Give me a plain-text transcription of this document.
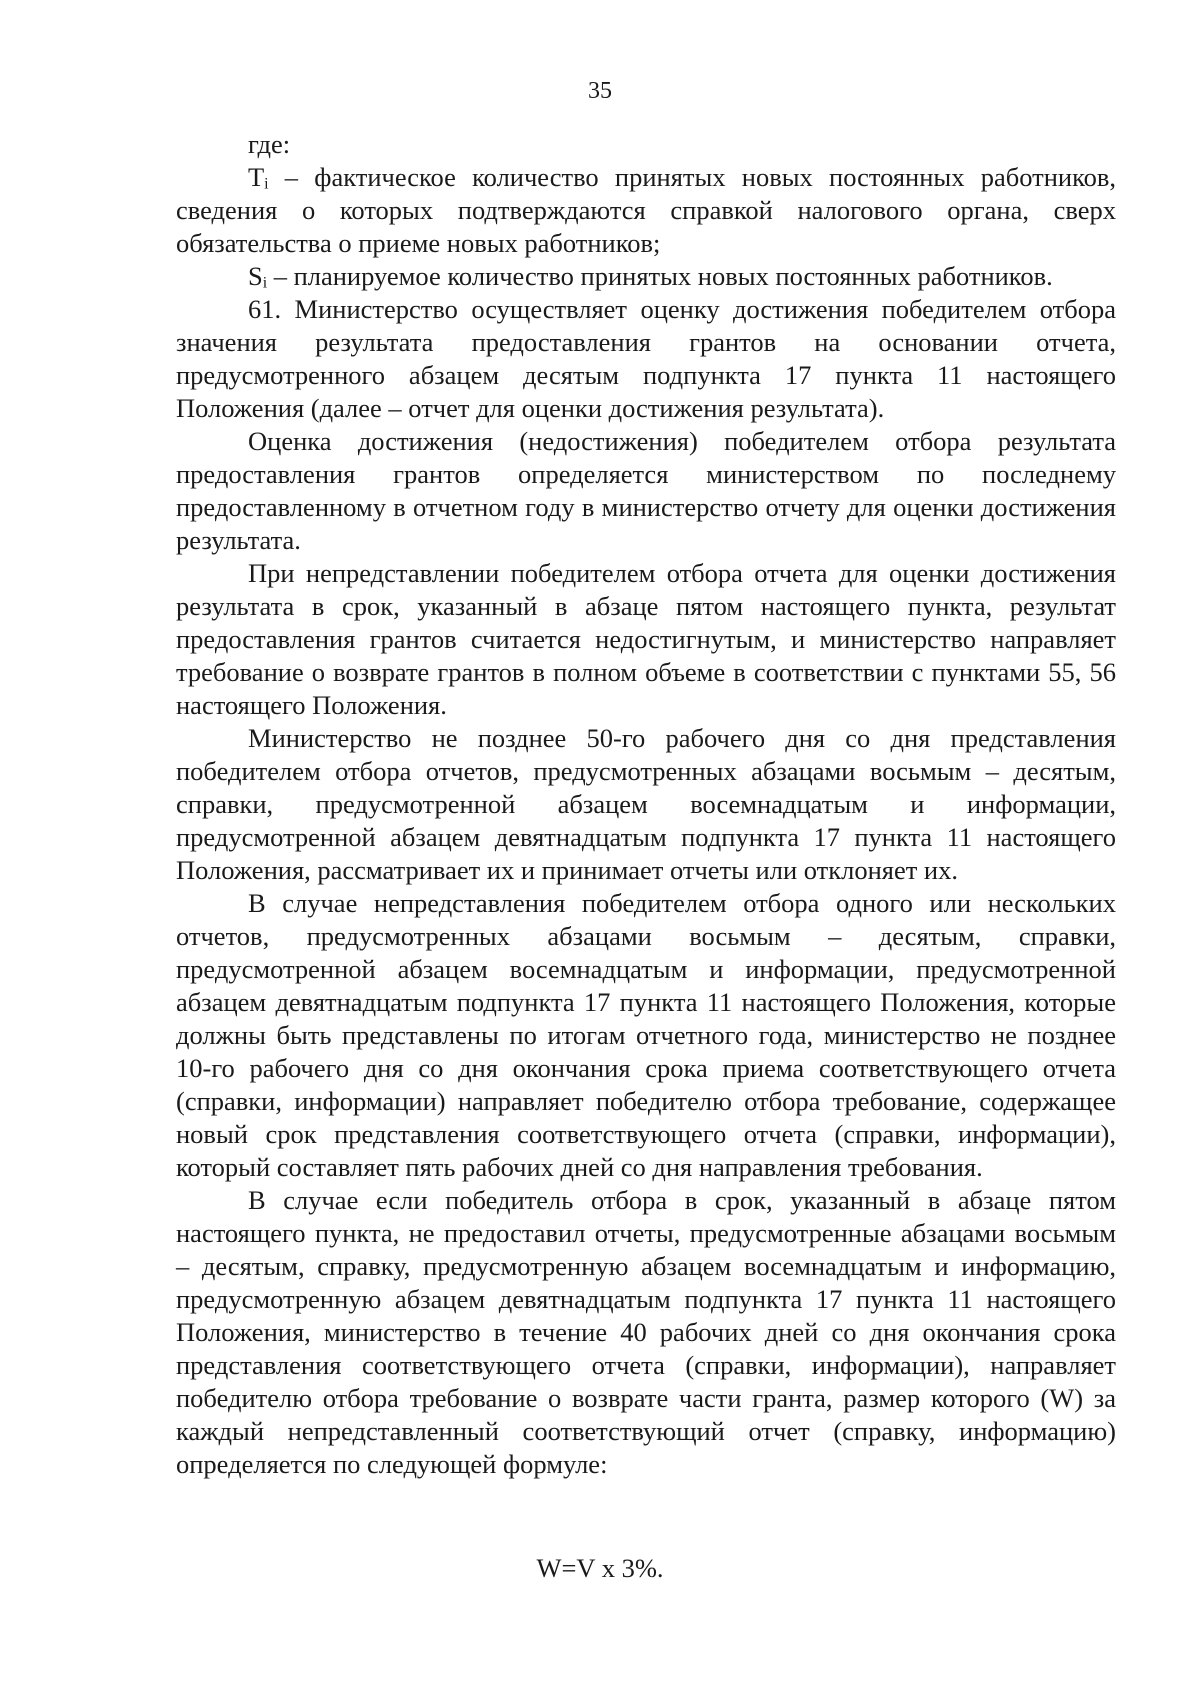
35

где:

Tᵢ – фактическое количество принятых новых постоянных работников, сведения о которых подтверждаются справкой налогового органа, сверх обязательства о приеме новых работников;

Sᵢ – планируемое количество принятых новых постоянных работников.

61. Министерство осуществляет оценку достижения победителем отбора значения результата предоставления грантов на основании отчета, предусмотренного абзацем десятым подпункта 17 пункта 11 настоящего Положения (далее – отчет для оценки достижения результата).

Оценка достижения (недостижения) победителем отбора результата предоставления грантов определяется министерством по последнему предоставленному в отчетном году в министерство отчету для оценки достижения результата.

При непредставлении победителем отбора отчета для оценки достижения результата в срок, указанный в абзаце пятом настоящего пункта, результат предоставления грантов считается недостигнутым, и министерство направляет требование о возврате грантов в полном объеме в соответствии с пунктами 55, 56 настоящего Положения.

Министерство не позднее 50-го рабочего дня со дня представления победителем отбора отчетов, предусмотренных абзацами восьмым – десятым, справки, предусмотренной абзацем восемнадцатым и информации, предусмотренной абзацем девятнадцатым подпункта 17 пункта 11 настоящего Положения, рассматривает их и принимает отчеты или отклоняет их.

В случае непредставления победителем отбора одного или нескольких отчетов, предусмотренных абзацами восьмым – десятым, справки, предусмотренной абзацем восемнадцатым и информации, предусмотренной абзацем девятнадцатым подпункта 17 пункта 11 настоящего Положения, которые должны быть представлены по итогам отчетного года, министерство не позднее 10-го рабочего дня со дня окончания срока приема соответствующего отчета (справки, информации) направляет победителю отбора требование, содержащее новый срок представления соответствующего отчета (справки, информации), который составляет пять рабочих дней со дня направления требования.

В случае если победитель отбора в срок, указанный в абзаце пятом настоящего пункта, не предоставил отчеты, предусмотренные абзацами восьмым – десятым, справку, предусмотренную абзацем восемнадцатым и информацию, предусмотренную абзацем девятнадцатым подпункта 17 пункта 11 настоящего Положения, министерство в течение 40 рабочих дней со дня окончания срока представления соответствующего отчета (справки, информации), направляет победителю отбора требование о возврате части гранта, размер которого (W) за каждый непредставленный соответствующий отчет (справку, информацию) определяется по следующей формуле:

W=V x 3%.
